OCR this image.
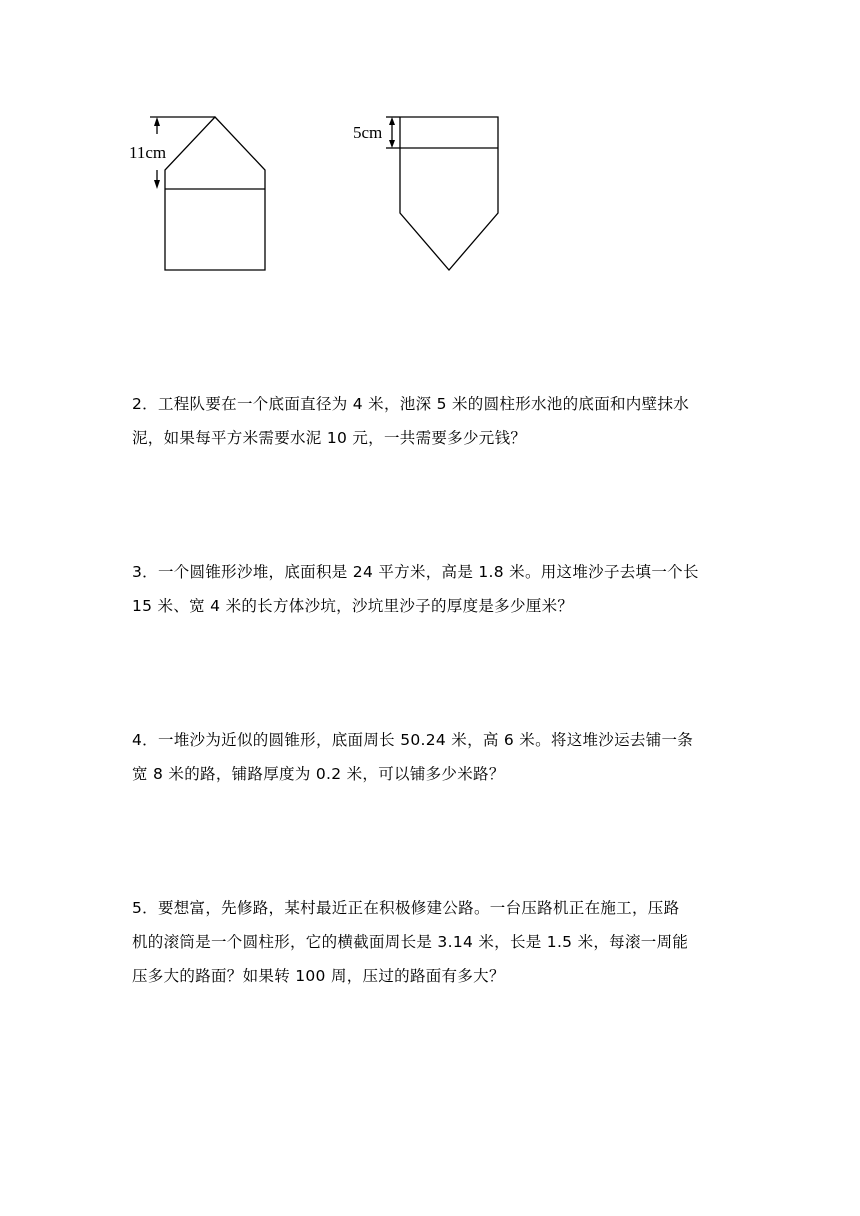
11cm
5cm

2．工程队要在一个底面直径为 4 米，池深 5 米的圆柱形水池的底面和内壁抹水

泥，如果每平方米需要水泥 10 元，一共需要多少元钱？

3．一个圆锥形沙堆，底面积是 24 平方米，高是 1.8 米。用这堆沙子去填一个长

15 米、宽 4 米的长方体沙坑，沙坑里沙子的厚度是多少厘米？

4．一堆沙为近似的圆锥形，底面周长 50.24 米，高 6 米。将这堆沙运去铺一条

宽 8 米的路，铺路厚度为 0.2 米，可以铺多少米路？

5．要想富，先修路，某村最近正在积极修建公路。一台压路机正在施工，压路

机的滚筒是一个圆柱形，它的横截面周长是 3.14 米，长是 1.5 米，每滚一周能

压多大的路面？如果转 100 周，压过的路面有多大？
